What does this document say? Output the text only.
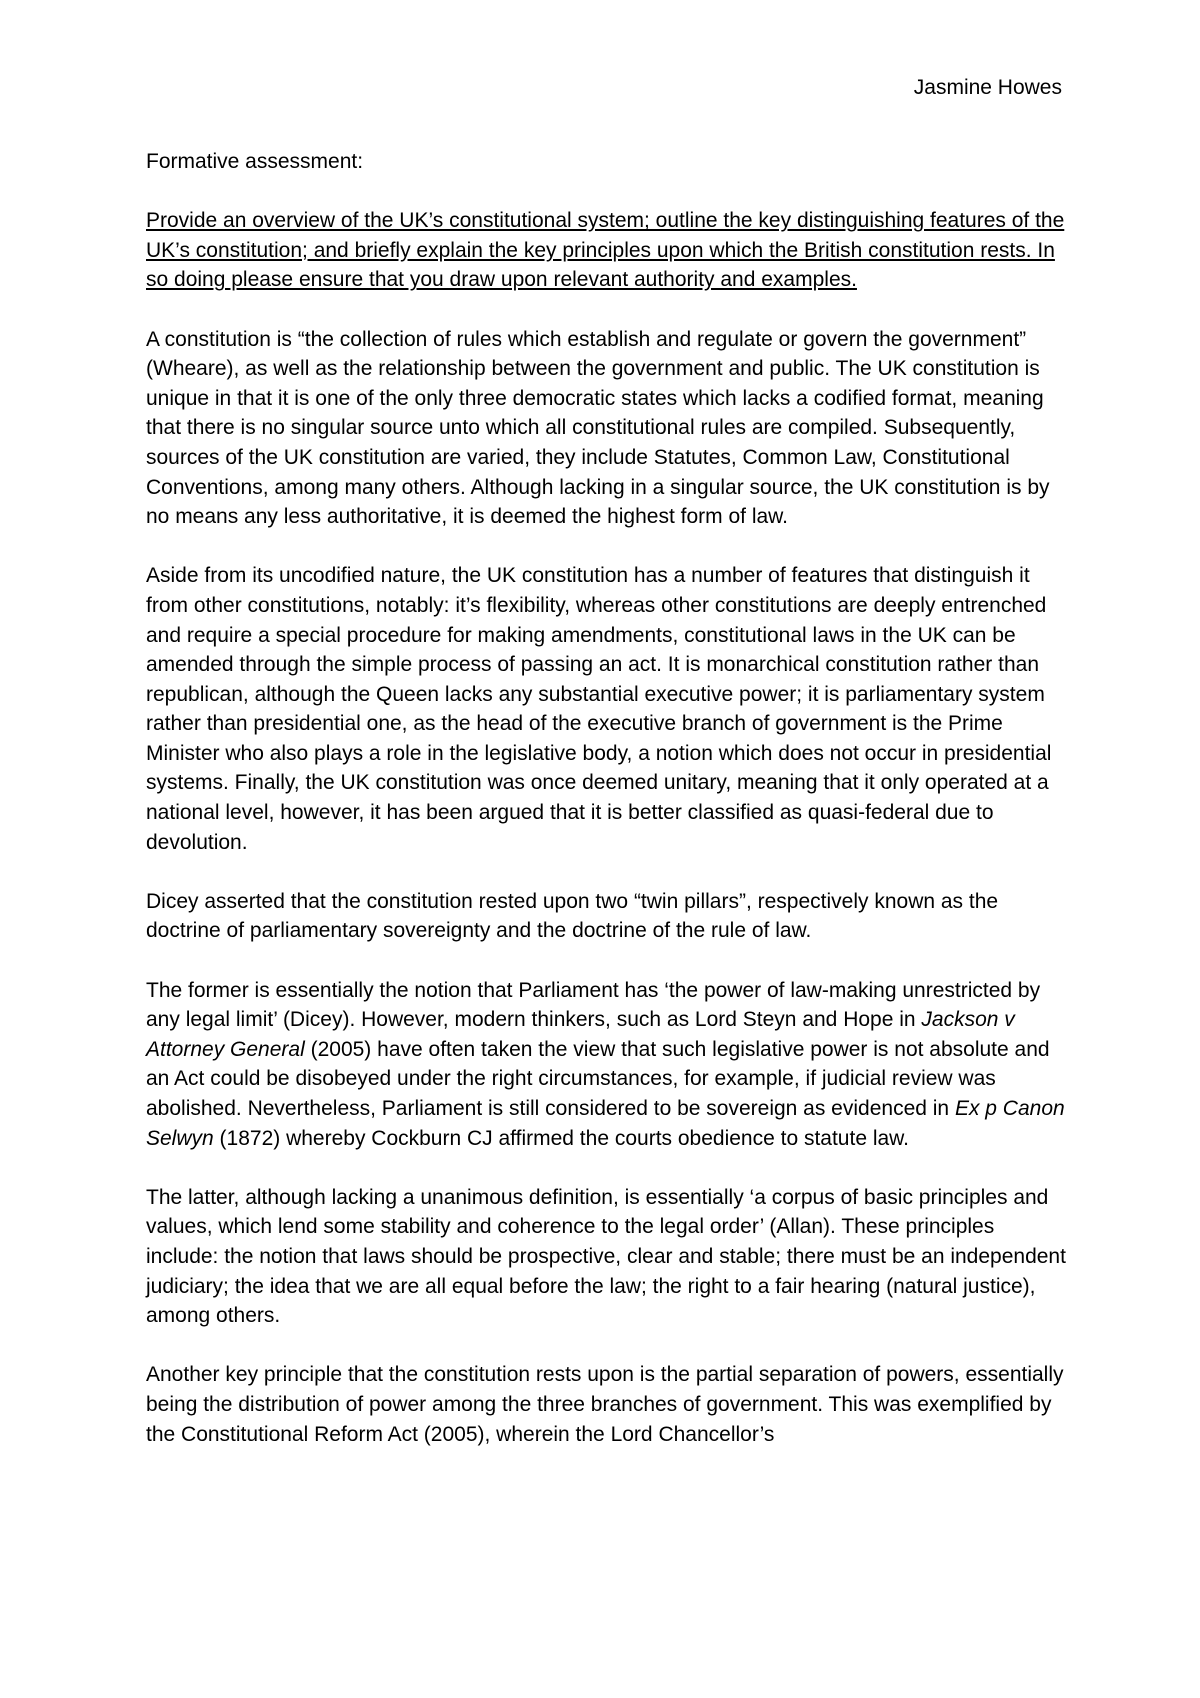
Jasmine Howes

Formative assessment:

Provide an overview of the UK’s constitutional system; outline the key distinguishing features of the UK’s constitution; and briefly explain the key principles upon which the British constitution rests. In so doing please ensure that you draw upon relevant authority and examples.

A constitution is “the collection of rules which establish and regulate or govern the government” (Wheare), as well as the relationship between the government and public. The UK constitution is unique in that it is one of the only three democratic states which lacks a codified format, meaning that there is no singular source unto which all constitutional rules are compiled. Subsequently, sources of the UK constitution are varied, they include Statutes, Common Law, Constitutional Conventions, among many others. Although lacking in a singular source, the UK constitution is by no means any less authoritative, it is deemed the highest form of law.

Aside from its uncodified nature, the UK constitution has a number of features that distinguish it from other constitutions, notably: it’s flexibility, whereas other constitutions are deeply entrenched and require a special procedure for making amendments, constitutional laws in the UK can be amended through the simple process of passing an act. It is monarchical constitution rather than republican, although the Queen lacks any substantial executive power; it is parliamentary system rather than presidential one, as the head of the executive branch of government is the Prime Minister who also plays a role in the legislative body, a notion which does not occur in presidential systems. Finally, the UK constitution was once deemed unitary, meaning that it only operated at a national level, however, it has been argued that it is better classified as quasi-federal due to devolution.

Dicey asserted that the constitution rested upon two “twin pillars”, respectively known as the doctrine of parliamentary sovereignty and the doctrine of the rule of law.

The former is essentially the notion that Parliament has ‘the power of law-making unrestricted by any legal limit’ (Dicey). However, modern thinkers, such as Lord Steyn and Hope in Jackson v Attorney General (2005) have often taken the view that such legislative power is not absolute and an Act could be disobeyed under the right circumstances, for example, if judicial review was abolished. Nevertheless, Parliament is still considered to be sovereign as evidenced in Ex p Canon Selwyn (1872) whereby Cockburn CJ affirmed the courts obedience to statute law.

The latter, although lacking a unanimous definition, is essentially ‘a corpus of basic principles and values, which lend some stability and coherence to the legal order’ (Allan). These principles include: the notion that laws should be prospective, clear and stable; there must be an independent judiciary; the idea that we are all equal before the law; the right to a fair hearing (natural justice), among others.

Another key principle that the constitution rests upon is the partial separation of powers, essentially being the distribution of power among the three branches of government. This was exemplified by the Constitutional Reform Act (2005), wherein the Lord Chancellor’s
